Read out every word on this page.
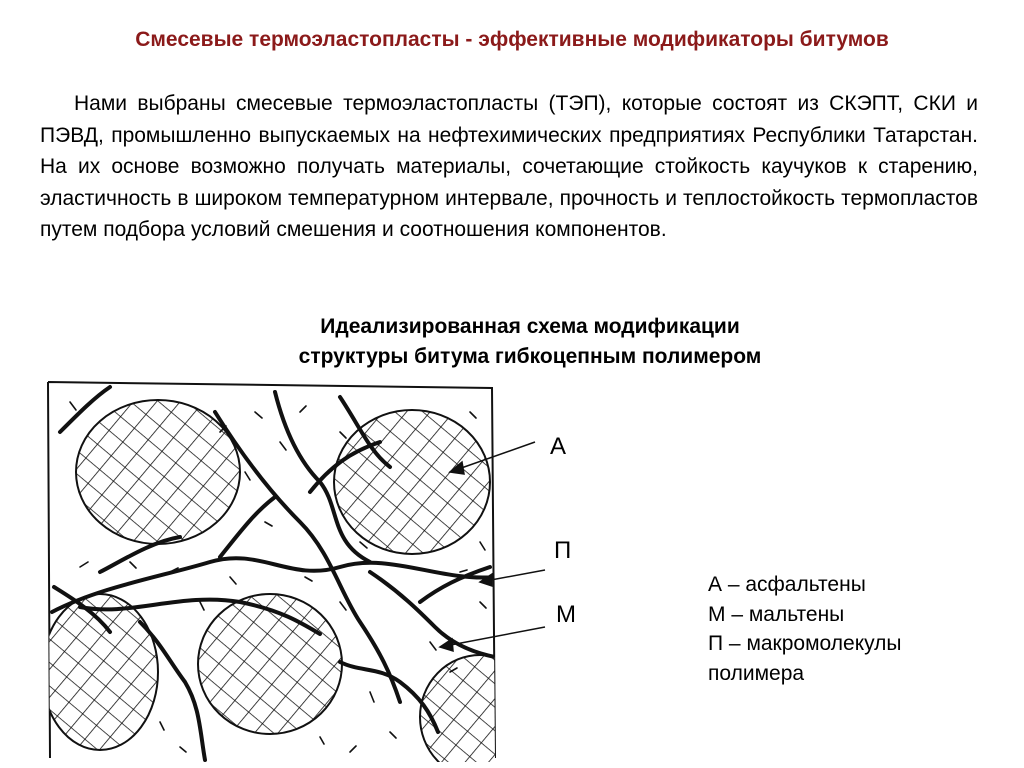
Смесевые термоэластопласты - эффективные модификаторы битумов

Нами выбраны смесевые термоэластопласты (ТЭП), которые состоят из СКЭПТ, СКИ и ПЭВД, промышленно выпускаемых на нефтехимических предприятиях Республики Татарстан. На их основе возможно получать материалы, сочетающие стойкость каучуков к старению, эластичность в широком температурном интервале, прочность и теплостойкость термопластов путем подбора условий смешения и соотношения компонентов.

Идеализированная схема модификации
структуры битума гибкоцепным полимером
А
П
М
А – асфальтены
М – мальтены
П – макромолекулы
полимера
